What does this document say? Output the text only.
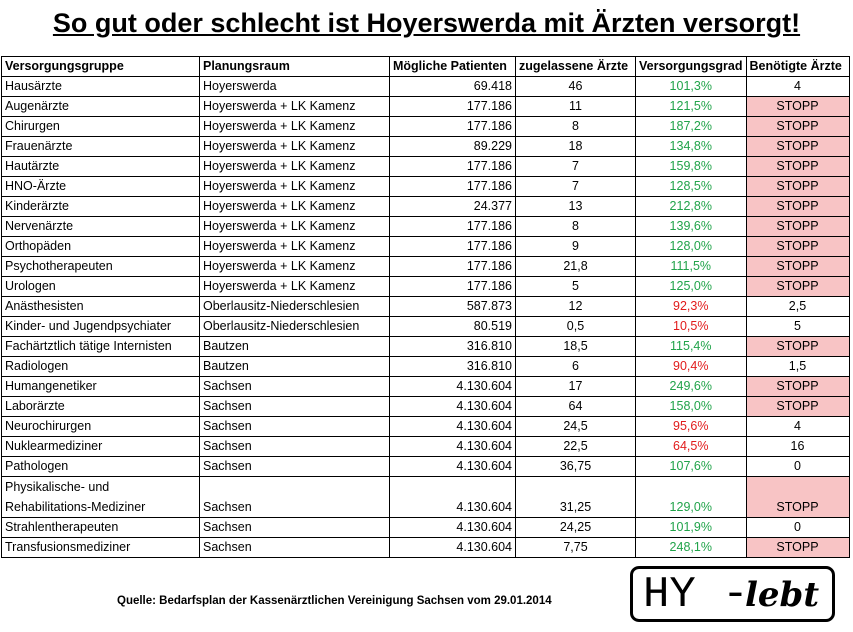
So gut oder schlecht ist Hoyerswerda mit Ärzten versorgt!
Versorgungsgruppe	Planungsraum	Mögliche Patienten	zugelassene Ärzte	Versorgungsgrad	Benötigte Ärzte
Hausärzte	Hoyerswerda	69.418	46	101,3%	4
Augenärzte	Hoyerswerda + LK Kamenz	177.186	11	121,5%	STOPP
Chirurgen	Hoyerswerda + LK Kamenz	177.186	8	187,2%	STOPP
Frauenärzte	Hoyerswerda + LK Kamenz	89.229	18	134,8%	STOPP
Hautärzte	Hoyerswerda + LK Kamenz	177.186	7	159,8%	STOPP
HNO-Ärzte	Hoyerswerda + LK Kamenz	177.186	7	128,5%	STOPP
Kinderärzte	Hoyerswerda + LK Kamenz	24.377	13	212,8%	STOPP
Nervenärzte	Hoyerswerda + LK Kamenz	177.186	8	139,6%	STOPP
Orthopäden	Hoyerswerda + LK Kamenz	177.186	9	128,0%	STOPP
Psychotherapeuten	Hoyerswerda + LK Kamenz	177.186	21,8	111,5%	STOPP
Urologen	Hoyerswerda + LK Kamenz	177.186	5	125,0%	STOPP
Anästhesisten	Oberlausitz-Niederschlesien	587.873	12	92,3%	2,5
Kinder- und Jugendpsychiater	Oberlausitz-Niederschlesien	80.519	0,5	10,5%	5
Fachärtztlich tätige Internisten	Bautzen	316.810	18,5	115,4%	STOPP
Radiologen	Bautzen	316.810	6	90,4%	1,5
Humangenetiker	Sachsen	4.130.604	17	249,6%	STOPP
Laborärzte	Sachsen	4.130.604	64	158,0%	STOPP
Neurochirurgen	Sachsen	4.130.604	24,5	95,6%	4
Nuklearmediziner	Sachsen	4.130.604	22,5	64,5%	16
Pathologen	Sachsen	4.130.604	36,75	107,6%	0
Physikalische- und Rehabilitations-Mediziner	Sachsen	4.130.604	31,25	129,0%	STOPP
Strahlentherapeuten	Sachsen	4.130.604	24,25	101,9%	0
Transfusionsmediziner	Sachsen	4.130.604	7,75	248,1%	STOPP
Quelle: Bedarfsplan der Kassenärztlichen Vereinigung Sachsen vom 29.01.2014 HY -
lebt
